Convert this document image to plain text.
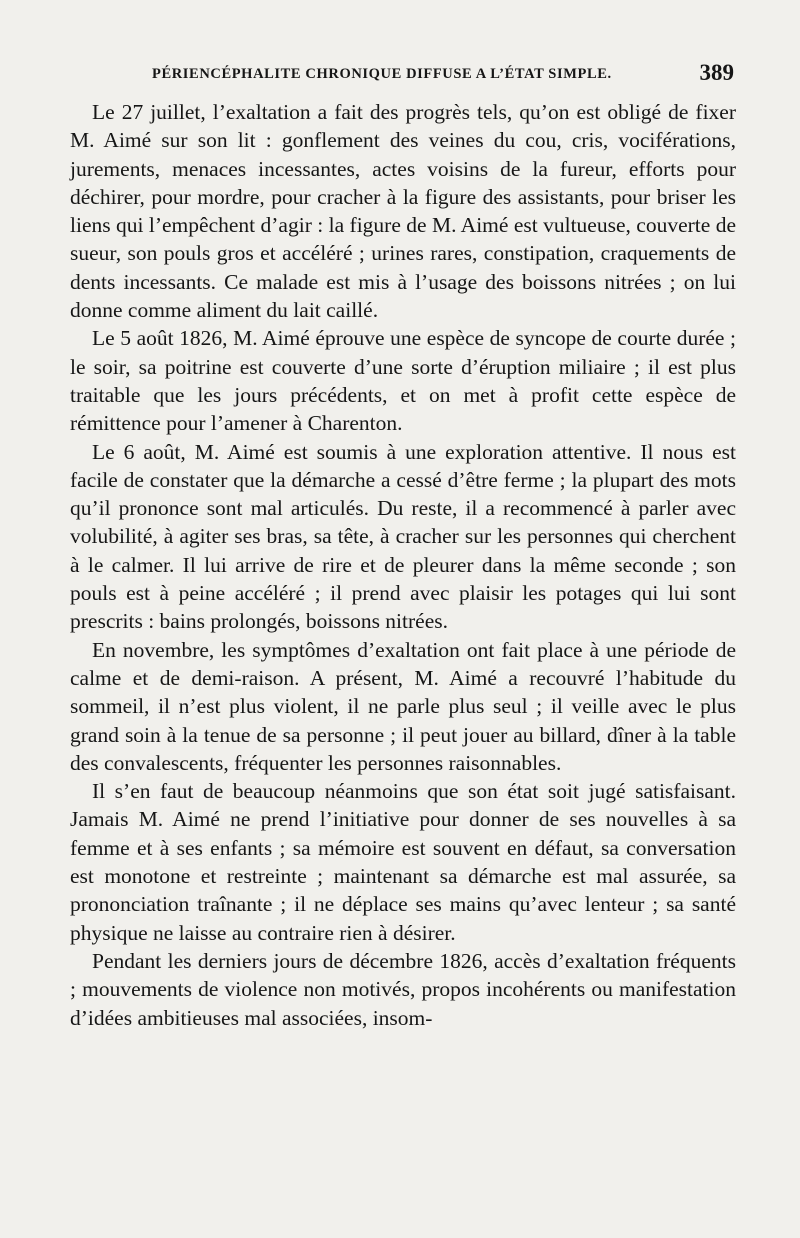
PÉRIENCÉPHALITE CHRONIQUE DIFFUSE A L’ÉTAT SIMPLE.	389

Le 27 juillet, l’exaltation a fait des progrès tels, qu’on est obligé de fixer M. Aimé sur son lit : gonflement des veines du cou, cris, vociférations, jurements, menaces incessantes, actes voisins de la fureur, efforts pour déchirer, pour mordre, pour cracher à la figure des assistants, pour briser les liens qui l’empêchent d’agir : la figure de M. Aimé est vultueuse, couverte de sueur, son pouls gros et accéléré ; urines rares, constipation, craquements de dents incessants. Ce malade est mis à l’usage des boissons nitrées ; on lui donne comme aliment du lait caillé.

Le 5 août 1826, M. Aimé éprouve une espèce de syncope de courte durée ; le soir, sa poitrine est couverte d’une sorte d’éruption miliaire ; il est plus traitable que les jours précédents, et on met à profit cette espèce de rémittence pour l’amener à Charenton.

Le 6 août, M. Aimé est soumis à une exploration attentive. Il nous est facile de constater que la démarche a cessé d’être ferme ; la plupart des mots qu’il prononce sont mal articulés. Du reste, il a recommencé à parler avec volubilité, à agiter ses bras, sa tête, à cracher sur les personnes qui cherchent à le calmer. Il lui arrive de rire et de pleurer dans la même seconde ; son pouls est à peine accéléré ; il prend avec plaisir les potages qui lui sont prescrits : bains prolongés, boissons nitrées.

En novembre, les symptômes d’exaltation ont fait place à une période de calme et de demi-raison. A présent, M. Aimé a recouvré l’habitude du sommeil, il n’est plus violent, il ne parle plus seul ; il veille avec le plus grand soin à la tenue de sa personne ; il peut jouer au billard, dîner à la table des convalescents, fréquenter les personnes raisonnables.

Il s’en faut de beaucoup néanmoins que son état soit jugé satisfaisant. Jamais M. Aimé ne prend l’initiative pour donner de ses nouvelles à sa femme et à ses enfants ; sa mémoire est souvent en défaut, sa conversation est monotone et restreinte ; maintenant sa démarche est mal assurée, sa prononciation traînante ; il ne déplace ses mains qu’avec lenteur ; sa santé physique ne laisse au contraire rien à désirer.

Pendant les derniers jours de décembre 1826, accès d’exaltation fréquents ; mouvements de violence non motivés, propos incohérents ou manifestation d’idées ambitieuses mal associées, insom-
